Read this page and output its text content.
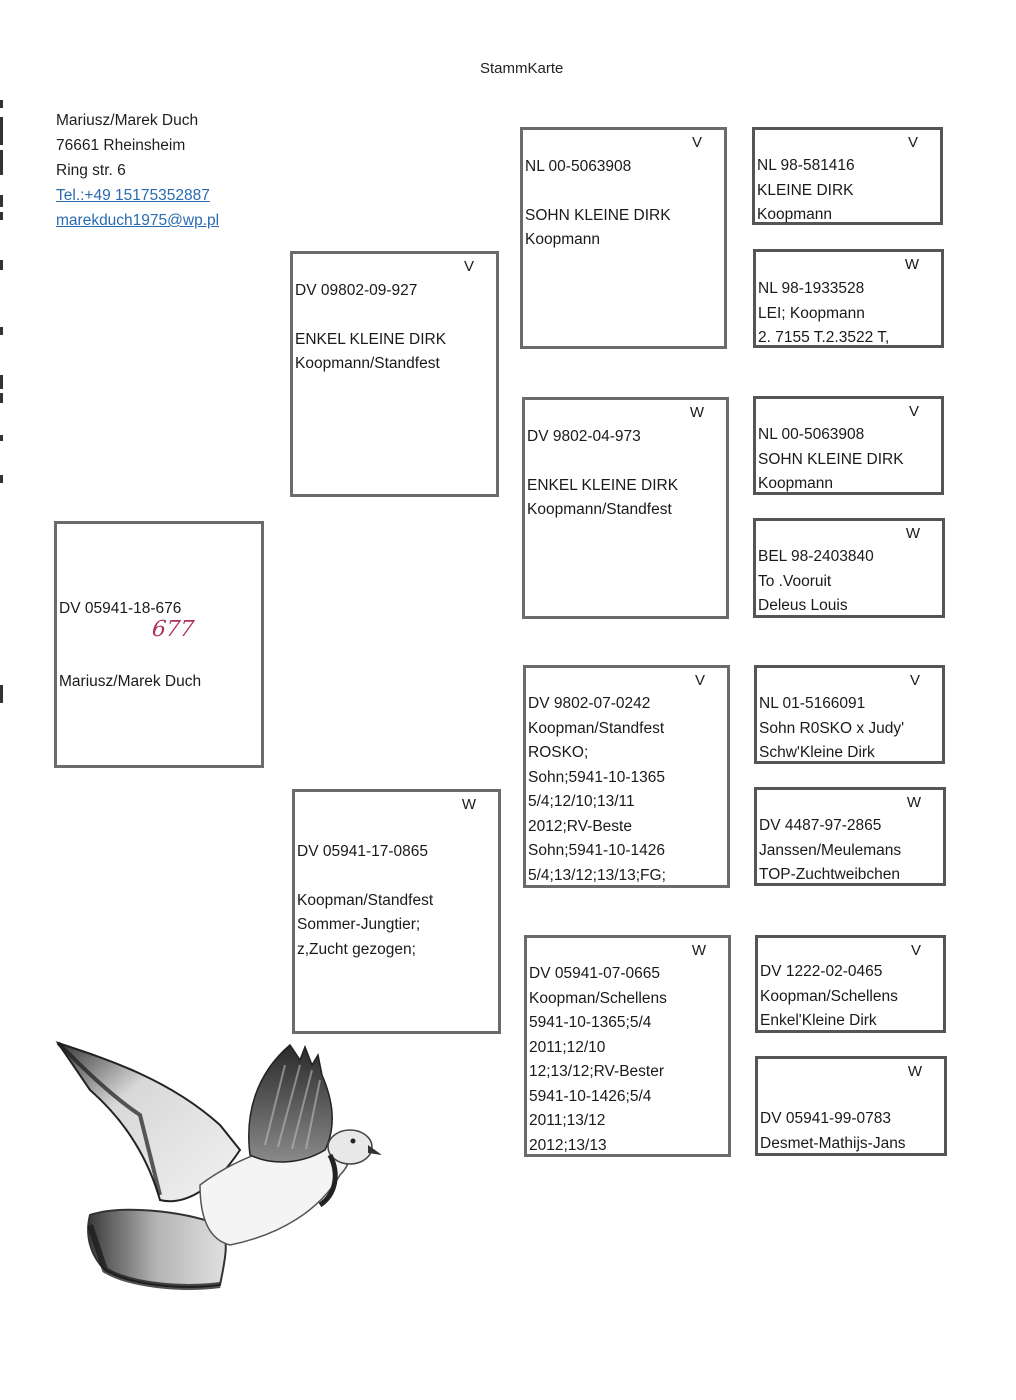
StammKarte
Mariusz/Marek Duch
76661 Rheinsheim
Ring str. 6
Tel.:+49 15175352887
marekduch1975@wp.pl
DV 05941-18-676
Mariusz/Marek Duch
677
V
DV 09802-09-927
ENKEL KLEINE DIRK
Koopmann/Standfest
W
DV 05941-17-0865
Koopman/Standfest
Sommer-Jungtier;
z,Zucht gezogen;
V
NL 00-5063908
SOHN KLEINE DIRK
Koopmann
W
DV 9802-04-973
ENKEL KLEINE DIRK
Koopmann/Standfest
V
DV 9802-07-0242
Koopman/Standfest
ROSKO;
Sohn;5941-10-1365
5/4;12/10;13/11
2012;RV-Beste
Sohn;5941-10-1426
5/4;13/12;13/13;FG;
W
DV 05941-07-0665
Koopman/Schellens
5941-10-1365;5/4
2011;12/10
12;13/12;RV-Bester
5941-10-1426;5/4
2011;13/12
2012;13/13
V
NL 98-581416
KLEINE DIRK
Koopmann
W
NL 98-1933528
LEI; Koopmann
2. 7155 T.2.3522 T,
V
NL 00-5063908
SOHN KLEINE DIRK
Koopmann
W
BEL 98-2403840
To .Vooruit
Deleus Louis
V
NL 01-5166091
Sohn R0SKO x Judy'
Schw'Kleine Dirk
W
DV 4487-97-2865
Janssen/Meulemans
TOP-Zuchtweibchen
V
DV 1222-02-0465
Koopman/Schellens
Enkel'Kleine Dirk
W
DV 05941-99-0783
Desmet-Mathijs-Jans
